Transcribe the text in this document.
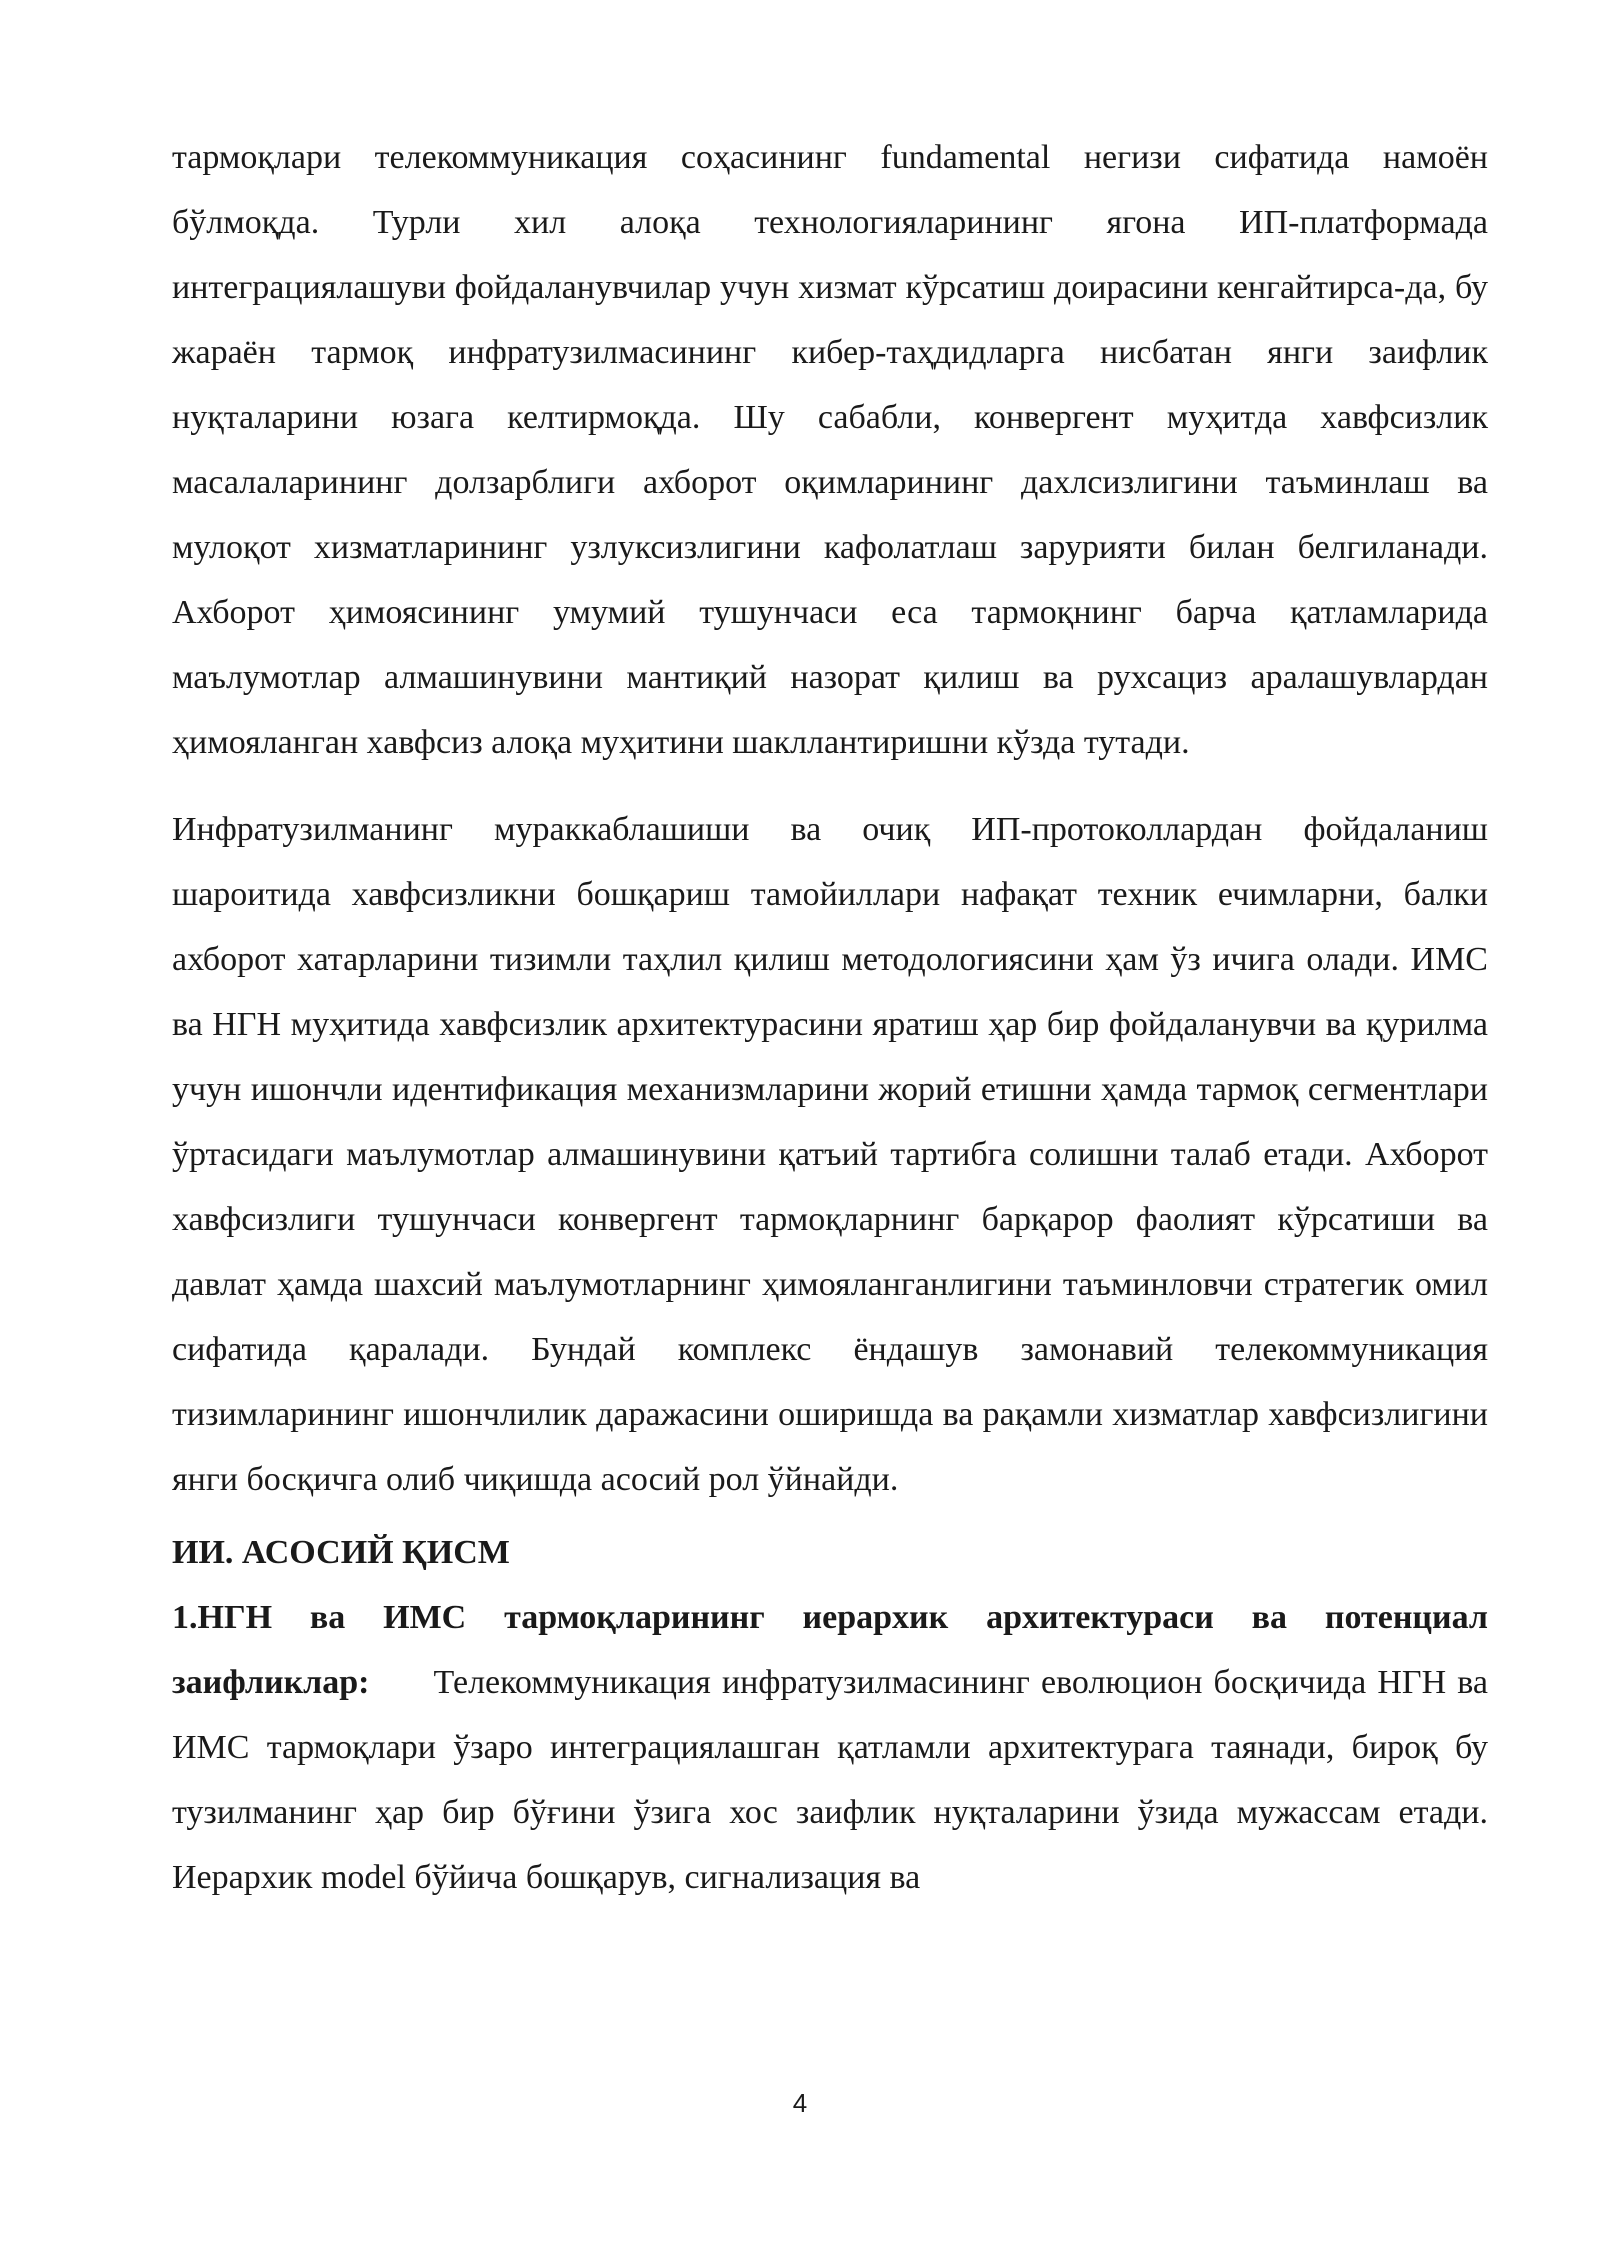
тармоқлари телекоммуникация соҳасининг fundamental негизи сифатида намоён бўлмоқда. Турли хил алоқа технологияларининг ягона ИП-платформада интеграциялашуви фойдаланувчилар учун хизмат кўрсатиш доирасини кенгайтирса-да, бу жараён тармоқ инфратузилмасининг кибер-таҳдидларга нисбатан янги заифлик нуқталарини юзага келтирмоқда. Шу сабабли, конвергент муҳитда хавфсизлик масалаларининг долзарблиги ахборот оқимларининг дахлсизлигини таъминлаш ва мулоқот хизматларининг узлуксизлигини кафолатлаш зарурияти билан белгиланади. Ахборот ҳимоясининг умумий тушунчаси еса тармоқнинг барча қатламларида маълумотлар алмашинувини мантиқий назорат қилиш ва рухсациз аралашувлардан ҳимояланган хавфсиз алоқа муҳитини шакллантиришни кўзда тутади.

Инфратузилманинг мураккаблашиши ва очиқ ИП-протоколлардан фойдаланиш шароитида хавфсизликни бошқариш тамойиллари нафақат техник ечимларни, балки ахборот хатарларини тизимли таҳлил қилиш методологиясини ҳам ўз ичига олади. ИМС ва НГН муҳитида хавфсизлик архитектурасини яратиш ҳар бир фойдаланувчи ва қурилма учун ишончли идентификация механизмларини жорий етишни ҳамда тармоқ сегментлари ўртасидаги маълумотлар алмашинувини қатъий тартибга солишни талаб етади. Ахборот хавфсизлиги тушунчаси конвергент тармоқларнинг барқарор фаолият кўрсатиши ва давлат ҳамда шахсий маълумотларнинг ҳимояланганлигини таъминловчи стратегик омил сифатида қаралади. Бундай комплекс ёндашув замонавий телекоммуникация тизимларининг ишончлилик даражасини оширишда ва рақамли хизматлар хавфсизлигини янги босқичга олиб чиқишда асосий рол ўйнайди.

ИИ. АСОСИЙ ҚИСМ

1.НГН ва ИМС тармоқларининг иерархик архитектураси ва потенциал заифликлар: Телекоммуникация инфратузилмасининг еволюцион босқичида НГН ва ИМС тармоқлари ўзаро интеграциялашган қатламли архитектурага таянади, бироқ бу тузилманинг ҳар бир бўғини ўзига хос заифлик нуқталарини ўзида мужассам етади. Иерархик model бўйича бошқарув, сигнализация ва

4
